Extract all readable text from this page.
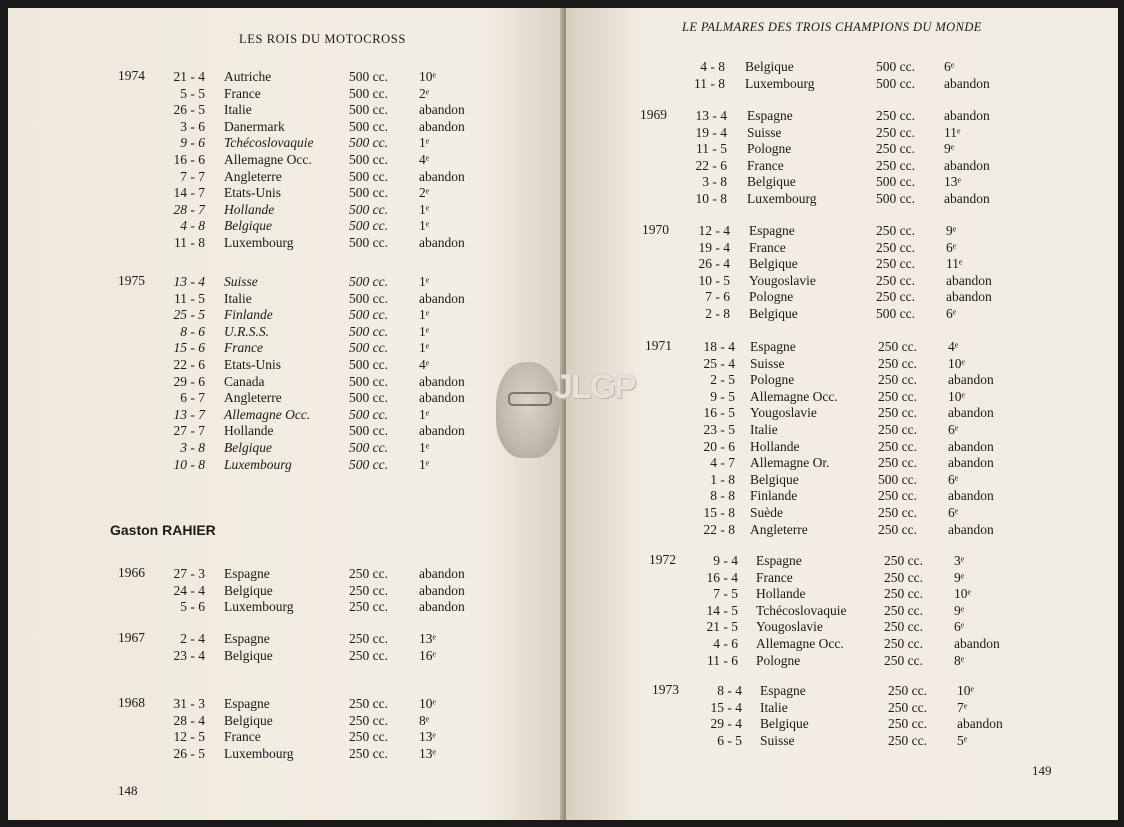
LES ROIS DU MOTOCROSS
Gaston RAHIER
148
LE PALMARES DES TROIS CHAMPIONS DU MONDE
149
JLGP
1974	21 - 4 Autriche	500 cc. 10ᵉ
5 - 5 France	500 cc. 2ᵉ
26 - 5 Italie	500 cc. abandon
3 - 6 Danermark	500 cc. abandon
9 - 6 Tchécoslovaquie	500 cc. 1ᵉ
16 - 6 Allemagne Occ.	500 cc. 4ᵉ
7 - 7 Angleterre	500 cc. abandon
14 - 7 Etats-Unis	500 cc. 2ᵉ
28 - 7 Hollande	500 cc. 1ᵉ
4 - 8 Belgique	500 cc. 1ᵉ
11 - 8 Luxembourg	500 cc. abandon
1975	13 - 4 Suisse	500 cc. 1ᵉ
11 - 5 Italie	500 cc. abandon
25 - 5 Finlande	500 cc. 1ᵉ
8 - 6 U.R.S.S.	500 cc. 1ᵉ
15 - 6 France	500 cc. 1ᵉ
22 - 6 Etats-Unis	500 cc. 4ᵉ
29 - 6 Canada	500 cc. abandon
6 - 7 Angleterre	500 cc. abandon
13 - 7 Allemagne Occ.	500 cc. 1ᵉ
27 - 7 Hollande	500 cc. abandon
3 - 8 Belgique	500 cc. 1ᵉ
10 - 8 Luxembourg	500 cc. 1ᵉ
1966	27 - 3 Espagne	250 cc. abandon
24 - 4 Belgique	250 cc. abandon
5 - 6 Luxembourg	250 cc. abandon
1967	2 - 4 Espagne	250 cc. 13ᵉ
23 - 4 Belgique	250 cc. 16ᵉ
1968	31 - 3 Espagne	250 cc. 10ᵉ
28 - 4 Belgique	250 cc. 8ᵉ
12 - 5 France	250 cc. 13ᵉ
26 - 5 Luxembourg	250 cc. 13ᵉ
4 - 8 Belgique	500 cc. 6ᵉ
11 - 8 Luxembourg	500 cc. abandon
1969	13 - 4 Espagne	250 cc. abandon
19 - 4 Suisse	250 cc. 11ᵉ
11 - 5 Pologne	250 cc. 9ᵉ
22 - 6 France	250 cc. abandon
3 - 8 Belgique	500 cc. 13ᵉ
10 - 8 Luxembourg	500 cc. abandon
1970	12 - 4 Espagne	250 cc. 9ᵉ
19 - 4 France	250 cc. 6ᵉ
26 - 4 Belgique	250 cc. 11ᵉ
10 - 5 Yougoslavie	250 cc. abandon
7 - 6 Pologne	250 cc. abandon
2 - 8 Belgique	500 cc. 6ᵉ
1971	18 - 4 Espagne	250 cc. 4ᵉ
25 - 4 Suisse	250 cc. 10ᵉ
2 - 5 Pologne	250 cc. abandon
9 - 5 Allemagne Occ.	250 cc. 10ᵉ
16 - 5 Yougoslavie	250 cc. abandon
23 - 5 Italie	250 cc. 6ᵉ
20 - 6 Hollande	250 cc. abandon
4 - 7 Allemagne Or.	250 cc. abandon
1 - 8 Belgique	500 cc. 6ᵉ
8 - 8 Finlande	250 cc. abandon
15 - 8 Suède	250 cc. 6ᵉ
22 - 8 Angleterre	250 cc. abandon
1972	9 - 4 Espagne	250 cc. 3ᵉ
16 - 4 France	250 cc. 9ᵉ
7 - 5 Hollande	250 cc. 10ᵉ
14 - 5 Tchécoslovaquie	250 cc. 9ᵉ
21 - 5 Yougoslavie	250 cc. 6ᵉ
4 - 6 Allemagne Occ.	250 cc. abandon
11 - 6 Pologne	250 cc. 8ᵉ
1973	8 - 4 Espagne	250 cc. 10ᵉ
15 - 4 Italie	250 cc. 7ᵉ
29 - 4 Belgique	250 cc. abandon
6 - 5 Suisse	250 cc. 5ᵉ
